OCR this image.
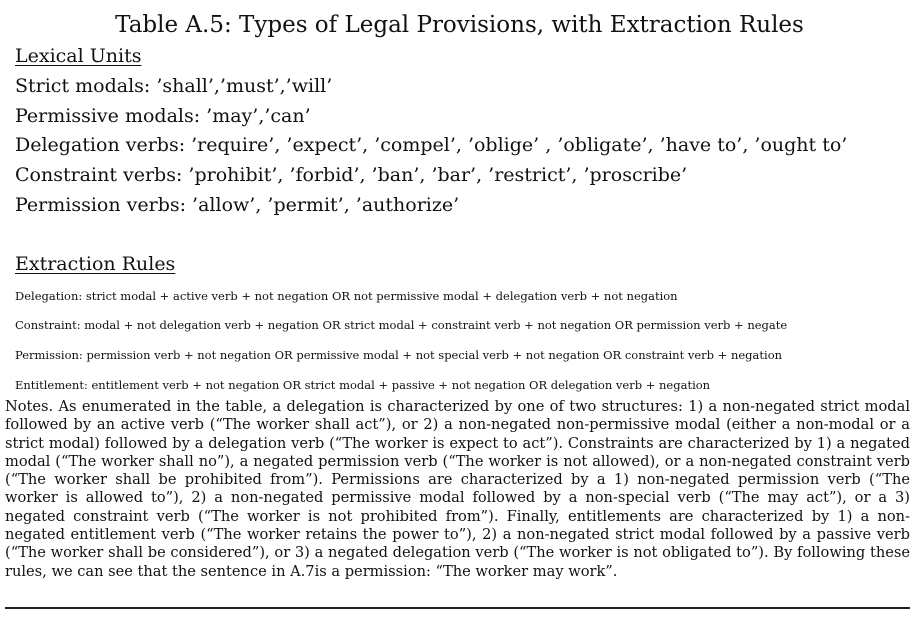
Table A.5: Types of Legal Provisions, with Extraction Rules
Lexical Units
Strict modals: ’shall’,’must’,’will’
Permissive modals: ’may’,’can’
Delegation verbs: ’require’, ’expect’, ’compel’, ’oblige’ , ’obligate’, ’have to’, ’ought to’
Constraint verbs: ’prohibit’, ’forbid’, ’ban’, ’bar’, ’restrict’, ’proscribe’
Permission verbs: ’allow’, ’permit’, ’authorize’
Extraction Rules
Delegation: strict modal + active verb + not negation OR not permissive modal + delegation verb + not negation
Constraint: modal + not delegation verb + negation OR strict modal + constraint verb + not negation OR permission verb + negate
Permission: permission verb + not negation OR permissive modal + not special verb + not negation OR constraint verb + negation
Entitlement: entitlement verb + not negation OR strict modal + passive + not negation OR delegation verb + negation
Notes. As enumerated in the table, a delegation is characterized by one of two structures: 1) a non-negated strict modal followed by an active verb (“The worker shall act”), or 2) a non-negated non-permissive modal (either a non-modal or a strict modal) followed by a delegation verb (“The worker is expect to act”). Constraints are characterized by 1) a negated modal (“The worker shall no”), a negated permission verb (“The worker is not allowed), or a non-negated constraint verb (“The worker shall be prohibited from”). Permissions are characterized by a 1) non-negated permission verb (“The worker is allowed to”), 2) a non-negated permissive modal followed by a non-special verb (“The may act”), or a 3) negated constraint verb (“The worker is not prohibited from”). Finally, entitlements are characterized by 1) a non-negated entitlement verb (“The worker retains the power to”), 2) a non-negated strict modal followed by a passive verb (“The worker shall be considered”), or 3) a negated delegation verb (“The worker is not obligated to”). By following these rules, we can see that the sentence in A.7is a permission: “The worker may work”.
